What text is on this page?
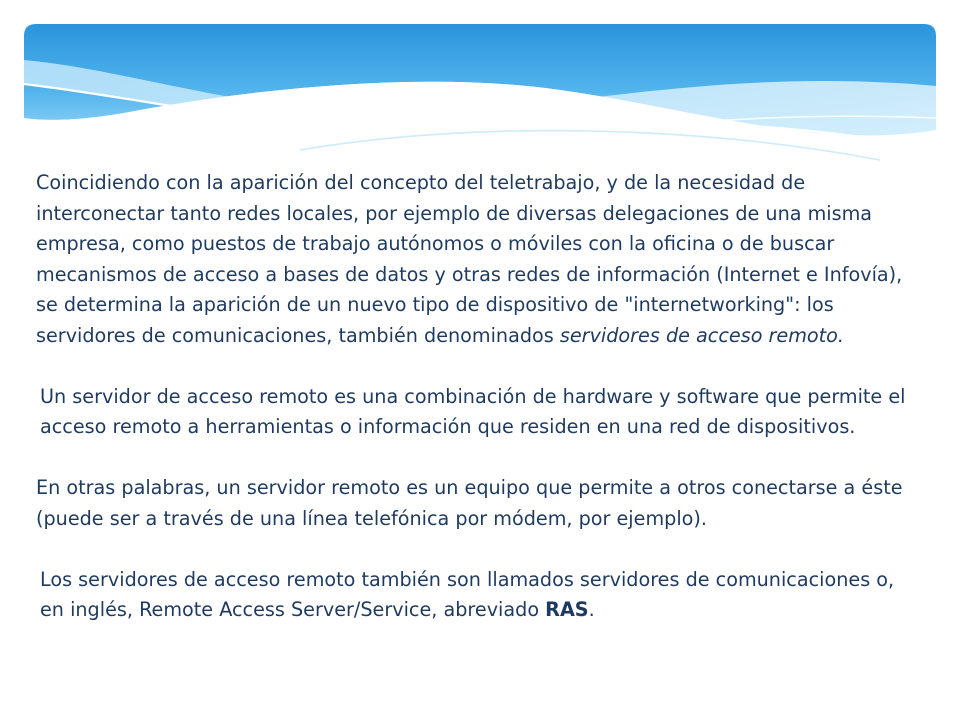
Coincidiendo con la aparición del concepto del teletrabajo, y de la necesidad de interconectar tanto redes locales, por ejemplo de diversas delegaciones de una misma empresa, como puestos de trabajo autónomos o móviles con la oficina o de buscar mecanismos de acceso a bases de datos y otras redes de información (Internet e Infovía), se determina la aparición de un nuevo tipo de dispositivo de "internetworking": los servidores de comunicaciones, también denominados servidores de acceso remoto.

Un servidor de acceso remoto es una combinación de hardware y software que permite el acceso remoto a herramientas o información que residen en una red de dispositivos.

En otras palabras, un servidor remoto es un equipo que permite a otros conectarse a éste (puede ser a través de una línea telefónica por módem, por ejemplo).

Los servidores de acceso remoto también son llamados servidores de comunicaciones o, en inglés, Remote Access Server/Service, abreviado RAS.
